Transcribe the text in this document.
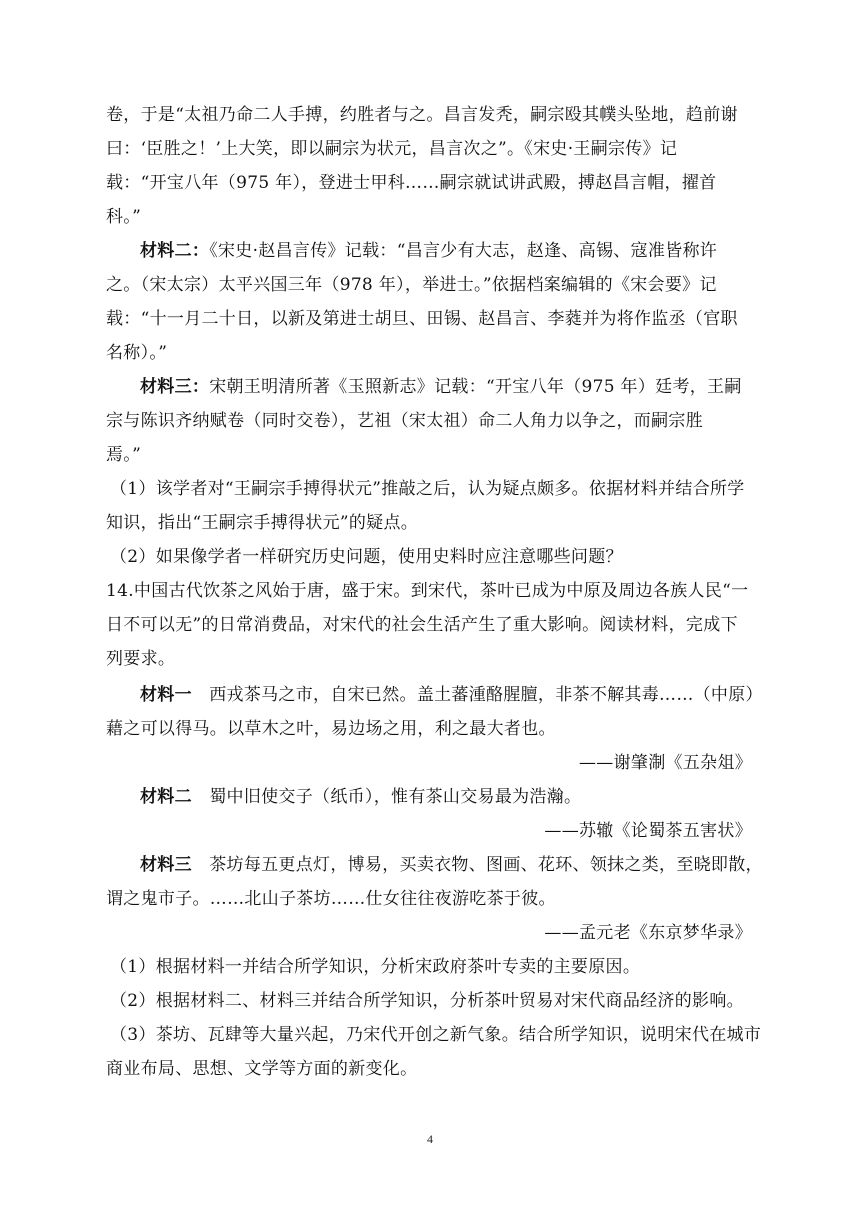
卷，于是“太祖乃命二人手搏，约胜者与之。昌言发秃，嗣宗殴其幞头坠地，趋前谢
曰：‘臣胜之！’上大笑，即以嗣宗为状元，昌言次之”。《宋史·王嗣宗传》记
载：“开宝八年（975 年），登进士甲科……嗣宗就试讲武殿，搏赵昌言帽，擢首
科。”
材料二：《宋史·赵昌言传》记载：“昌言少有大志，赵逢、高锡、寇准皆称许
之。（宋太宗）太平兴国三年（978 年），举进士。”依据档案编辑的《宋会要》记
载：“十一月二十日，以新及第进士胡旦、田锡、赵昌言、李蕤并为将作监丞（官职
名称）。”
材料三：宋朝王明清所著《玉照新志》记载：“开宝八年（975 年）廷考，王嗣
宗与陈识齐纳赋卷（同时交卷），艺祖（宋太祖）命二人角力以争之，而嗣宗胜
焉。”
（1）该学者对“王嗣宗手搏得状元”推敲之后，认为疑点颇多。依据材料并结合所学
知识，指出“王嗣宗手搏得状元”的疑点。
（2）如果像学者一样研究历史问题，使用史料时应注意哪些问题？
14.中国古代饮茶之风始于唐，盛于宋。到宋代，茶叶已成为中原及周边各族人民“一
日不可以无”的日常消费品，对宋代的社会生活产生了重大影响。阅读材料，完成下
列要求。
材料一  西戎茶马之市，自宋已然。盖土蕃湩酪腥膻，非茶不解其毒……（中原）
藉之可以得马。以草木之叶，易边场之用，利之最大者也。
——谢肇淛《五杂俎》
材料二  蜀中旧使交子（纸币），惟有茶山交易最为浩瀚。
——苏辙《论蜀茶五害状》
材料三  茶坊每五更点灯，博易，买卖衣物、图画、花环、领抹之类，至晓即散，
谓之鬼市子。……北山子茶坊……仕女往往夜游吃茶于彼。
——孟元老《东京梦华录》
（1）根据材料一并结合所学知识，分析宋政府茶叶专卖的主要原因。
（2）根据材料二、材料三并结合所学知识，分析茶叶贸易对宋代商品经济的影响。
（3）茶坊、瓦肆等大量兴起，乃宋代开创之新气象。结合所学知识，说明宋代在城市
商业布局、思想、文学等方面的新变化。
4
